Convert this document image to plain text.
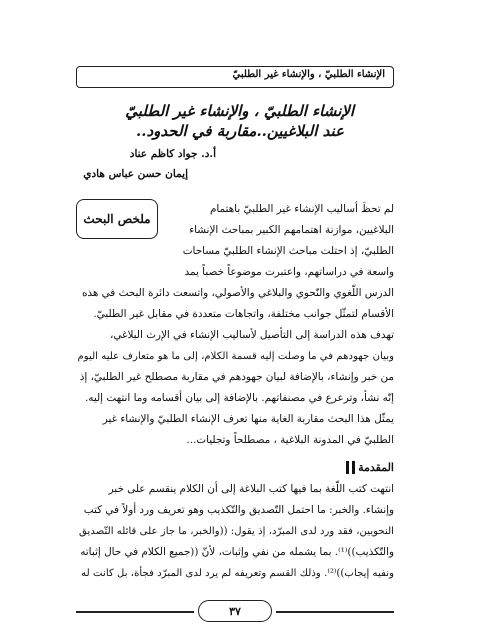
الإنشاء الطلبيّ ، والإنشاء غير الطلبيّ
الإنشاء الطلبيّ ، والإنشاء غير الطلبيّ
عند البلاغيين..مقاربة في الحدود..
أ.د. جواد كاظم عناد
إيمان حسن عباس هادي
ملخص البحث
لم تحظَ أساليب الإنشاء غير الطلبيّ باهتمام
البلاغيين، موازنة اهتمامهم الكبير بمباحث الإنشاء
الطلبيّ، إذ احتلت مباحث الإنشاء الطلبيّ مساحات
واسعة في دراساتهم، واعتبرت موضوعاً خصباً يمد
الدرس اللّغوي والنّحوي والبلاغي والأصولي، واتسعت دائرة البحث في هذه
الأقسام لتمثّل جوانب مختلفة، واتجاهات متعددة في مقابل غير الطلبيّ.
تهدف هذه الدراسة إلى التأصيل لأساليب الإنشاء في الإرث البلاغي،
وبيان جهودهم في ما وصلت إليه قسمة الكلام، إلى ما هو متعارف عليه اليوم
من خبر وإنشاء، بالإضافة لبيان جهودهم في مقاربة مصطلح غير الطلبيّ، إذ
إنّه نشأ، وترعرع في مصنفاتهم. بالإضافة إلى بيان أقسامه وما انتهت إليه.
يمثّل هذا البحث مقاربة الغاية منها تعرف الإنشاء الطلبيّ والإنشاء غير
الطلبيّ في المدونة البلاغية ، مصطلحاً وتجليات...
المقدمة
انتهت كتب اللّغة بما فيها كتب البلاغة إلى أن الكلام ينقسم على خبر
وإنشاء. والخبر: ما احتمل التّصديق والتّكذيب وهو تعريف ورد أولاً في كتب
النحويين، فقد ورد لدى المبرّد، إذ يقول: ((والخبر، ما جاز على قائله التّصديق
والتّكذيب))⁽¹⁾. بما يشمله من نفي وإثبات، لأنّ ((جميع الكلام في حال إثباته
ونفيه إيجاب))⁽²⁾. وذلك القسم وتعريفه لم يرد لدى المبرّد فجأة، بل كانت له
٣٧
